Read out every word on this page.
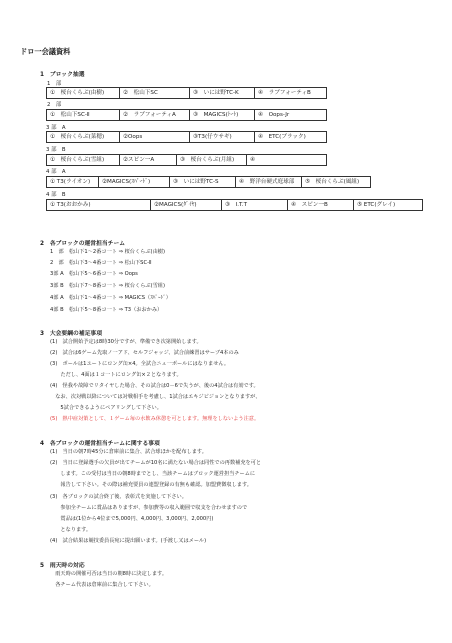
ドロ一会議資料
1　ブロック抽選
1　部
①　桜台くらぶ(由樹)	②　松山下SC	③　いには野TC-K	④　ラブフォーティB
2　部
①　松山下SC-Ⅱ	②　ラブフォーティA	③　MAGICS(ﾄｰﾄ)	④　Oops-Jr
3 部　A
①　桜台くらぶ(菜穂)	②Oops	③T3(仔ウサギ)	④　ETC(ブラック)
3 部　B
①　桜台くらぶ(雪組)	②スピン一A	③　桜台くらぶ(月組)	④
4 部　A
① T3(ライオン)	②MAGICS(ｽﾊﾟｰﾄﾞ)	③　いには野TC-S	④　野洋台硬式庭球部	⑤　桜台くらぶ(風組)
4 部　B
① T3(おおかみ)	②MAGICS(ﾀﾞｲﾔ)	③　I.T.T	④　スピン一B	⑤ ETC(グレイ)
2　各ブロックの運営担当チーム
1　部　松山下1～2番コ一ト ⇒ 桜台くらぶ(由樹)
2　部　松山下3～4番コ一ト ⇒ 松山下SC-Ⅱ
3部 A　松山下5～6番コ一ト ⇒ Oops
3部 B　松山下7～8番コ一ト ⇒ 桜台くらぶ(雪組)
4部 A　松山下1～4番コ一ト ⇒ MAGICS（ｽﾊﾟｰﾄﾞ）
4部 B　松山下5～8番コ一ト ⇒ T3（おおかみ）
3　大会要綱の補足事項
(1)　試合開始予定は8時30分ですが、準備でき次第開始します。
(2)　試合は6ゲーム先取ノ一アド、セルフジャッジ、試合前練習はサーブ4本のみ
(3)　ボールは1ユートにロング缶×4。全試合ニュ一ボールにはなりません。
　　ただし、4面は１コ一トにロング缶×２となります。
(4)　怪我や故障でリタイヤした場合、その試合は0－6で失うが、後の4試合は有効です。
　なお、次対戦以降については対戦相手を考慮し、1試合はエキジビジョンとなりますが、
　　5試合できるようにペアリングして下さい。
(5)　熱中症対策として、１ゲーム毎の水飲み休憩を可とします。無理をしないよう注意。
4　各ブロックの運営担当チームに関する事項
(1)　当日の朝7時45分に倉庫前に集合、試合球ほかを配布します。
(2)　当日に登録選手の欠員が出てチームが10名に満たない場合は同性での再数補充を可と
　　します。この受付は当日の朝8時までとし、当該チームはブロック運営担当チームに
　　報告して下さい。その際は補充要員の連盟登録の有無も確認。加盟費徴収します。
(3)　各ブロックの試合終了後、表彰式を実施して下さい。
　　参加全チームに賞品はありますが、参加費等の収入範囲で収支を合わせますので
　　賞品は(1位から4位まで5,000円、4,000円、3,000円、2,000円)
　　となります。
(4)　試合結果は競技委員長宛に提出願います。(手渡し又はメール)
5　雨天時の対応
　雨天時の開催可否は当日の朝8時に決定します。
　各チーム代表は倉庫前に集合して下さい。
